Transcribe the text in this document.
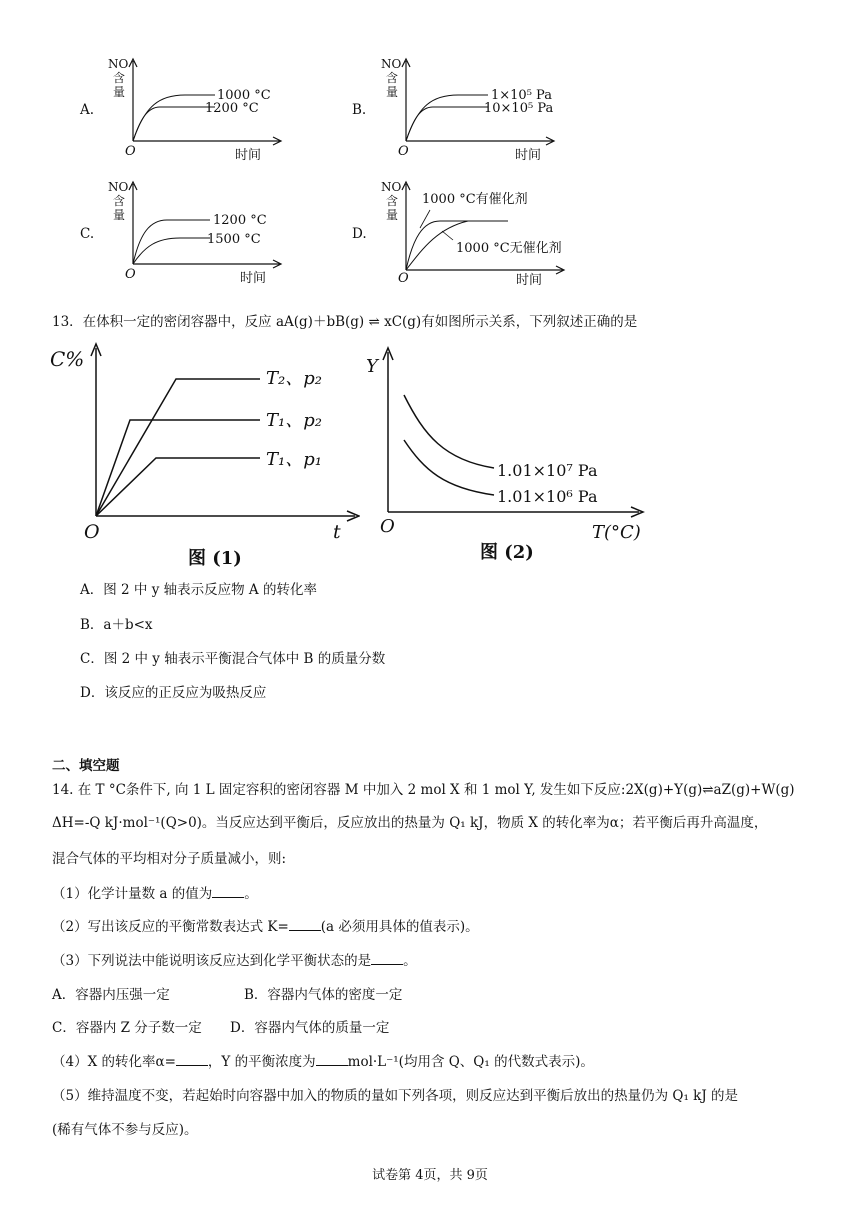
A.
NO
含
量
O	时间
1000 °C
1200 °C	B.
NO
含
量
O	时间
1×10⁵ Pa
10×10⁵ Pa
C.
NO
含
量
O	时间
1200 °C
1500 °C	D.
NO
含
量
O	时间
1000 °C有催化剂
1000 °C无催化剂
13．在体积一定的密闭容器中，反应 aA(g)＋bB(g) ⇌ xC(g)有如图所示关系，下列叙述正确的是
C%
O	t
T₂、p₂
T₁、p₂
T₁、p₁
图 (1)
Y
O	T(°C)
1.01×10⁷ Pa
1.01×10⁶ Pa
图 (2)
A．图 2 中 y 轴表示反应物 A 的转化率
B．a＋b<x
C．图 2 中 y 轴表示平衡混合气体中 B 的质量分数
D．该反应的正反应为吸热反应
二、填空题
14. 在 T °C条件下, 向 1 L 固定容积的密闭容器 M 中加入 2 mol X 和 1 mol Y, 发生如下反应:2X(g)+Y(g)⇌aZ(g)+W(g)
ΔH=-Q kJ·mol⁻¹(Q>0)。当反应达到平衡后，反应放出的热量为 Q₁ kJ，物质 X 的转化率为α；若平衡后再升高温度，
混合气体的平均相对分子质量减小，则:
（1）化学计量数 a 的值为 。
（2）写出该反应的平衡常数表达式 K= (a 必须用具体的值表示)。
（3）下列说法中能说明该反应达到化学平衡状态的是 。
A．容器内压强一定	B．容器内气体的密度一定
C．容器内 Z 分子数一定 D．容器内气体的质量一定
（4）X 的转化率α= ，Y 的平衡浓度为 mol·L⁻¹(均用含 Q、Q₁ 的代数式表示)。
（5）维持温度不变，若起始时向容器中加入的物质的量如下列各项，则反应达到平衡后放出的热量仍为 Q₁ kJ 的是
(稀有气体不参与反应)。
试卷第 4页，共 9页
